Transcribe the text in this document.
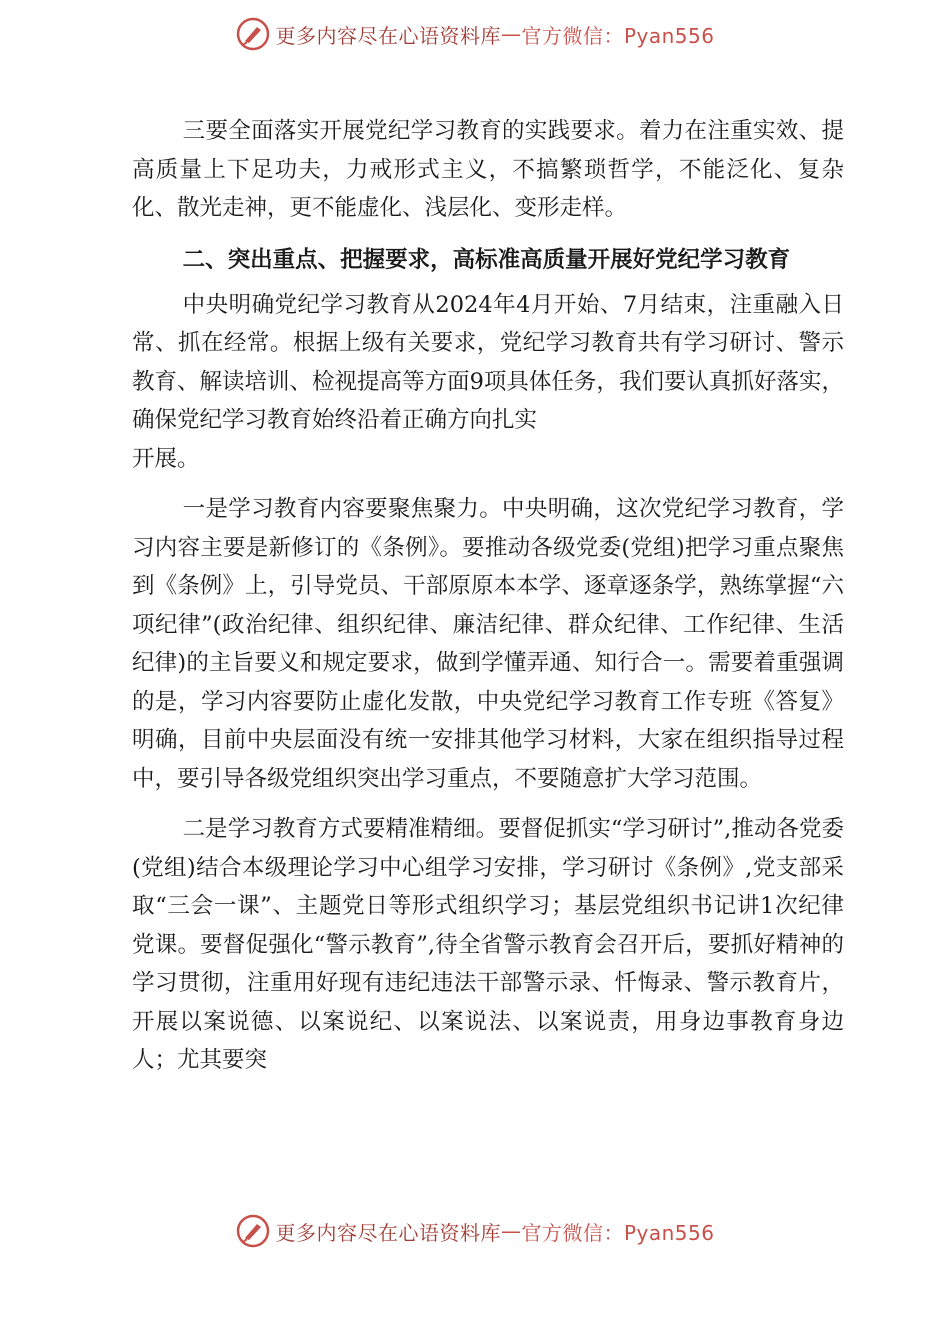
更多内容尽在心语资料库 — 官方微信：Pyan556

三要全面落实开展党纪学习教育的实践要求。着力在注重实效、提高质量上下足功夫，力戒形式主义，不搞繁琐哲学，不能泛化、复杂化、散光走神，更不能虚化、浅层化、变形走样。

二、突出重点、把握要求，高标准高质量开展好党纪学习教育

中央明确党纪学习教育从2024年4月开始、7月结束，注重融入日常、抓在经常。根据上级有关要求，党纪学习教育共有学习研讨、警示教育、解读培训、检视提高等方面9项具体任务，我们要认真抓好落实，确保党纪学习教育始终沿着正确方向扎实

开展。

一是学习教育内容要聚焦聚力。中央明确，这次党纪学习教育，学习内容主要是新修订的《条例》。要推动各级党委(党组)把学习重点聚焦到《条例》上，引导党员、干部原原本本学、逐章逐条学，熟练掌握“六项纪律”(政治纪律、组织纪律、廉洁纪律、群众纪律、工作纪律、生活纪律)的主旨要义和规定要求，做到学懂弄通、知行合一。需要着重强调的是，学习内容要防止虚化发散，中央党纪学习教育工作专班《答复》明确，目前中央层面没有统一安排其他学习材料，大家在组织指导过程中，要引导各级党组织突出学习重点，不要随意扩大学习范围。

二是学习教育方式要精准精细。要督促抓实“学习研讨”,推动各党委(党组)结合本级理论学习中心组学习安排，学习研讨《条例》,党支部采取“三会一课”、主题党日等形式组织学习；基层党组织书记讲1次纪律党课。要督促强化“警示教育”,待全省警示教育会召开后，要抓好精神的学习贯彻，注重用好现有违纪违法干部警示录、忏悔录、警示教育片，开展以案说德、以案说纪、以案说法、以案说责，用身边事教育身边人；尤其要突

更多内容尽在心语资料库 — 官方微信：Pyan556
